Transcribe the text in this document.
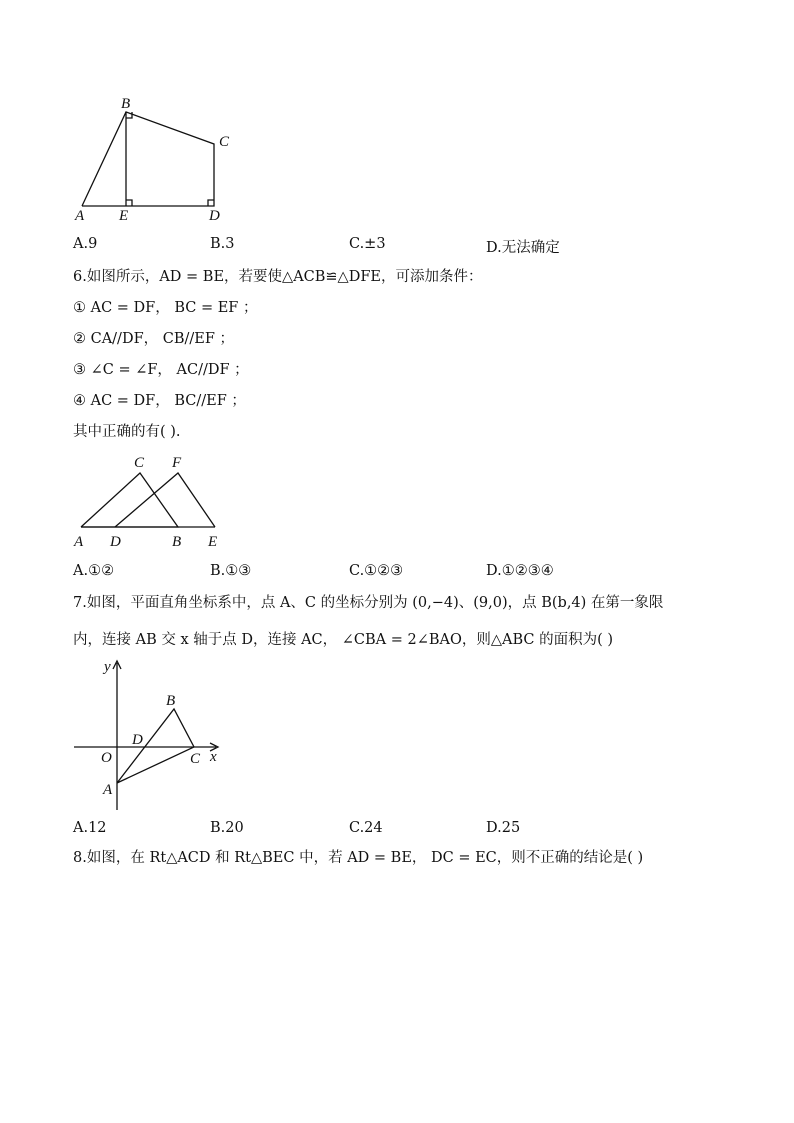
B
C
A E	D
A.9	B.3	C.±3	D.无法确定
6.如图所示，AD = BE，若要使△ACB≌△DFE，可添加条件：
① AC = DF， BC = EF ；
② CA//DF， CB//EF ；
③ ∠C = ∠F， AC//DF ；
④ AC = DF， BC//EF ；
其中正确的有( ).
C F
A D	B E
A.①②	B.①③	C.①②③	D.①②③④
7.如图，平面直角坐标系中，点 A、C 的坐标分别为 (0,−4)、(9,0)，点 B(b,4) 在第一象限
内，连接 AB 交 x 轴于点 D，连接 AC， ∠CBA = 2∠BAO，则△ABC 的面积为( )
y
x
O
A
B
C
D
A.12	B.20	C.24	D.25
8.如图，在 Rt△ACD 和 Rt△BEC 中，若 AD = BE， DC = EC，则不正确的结论是( )
